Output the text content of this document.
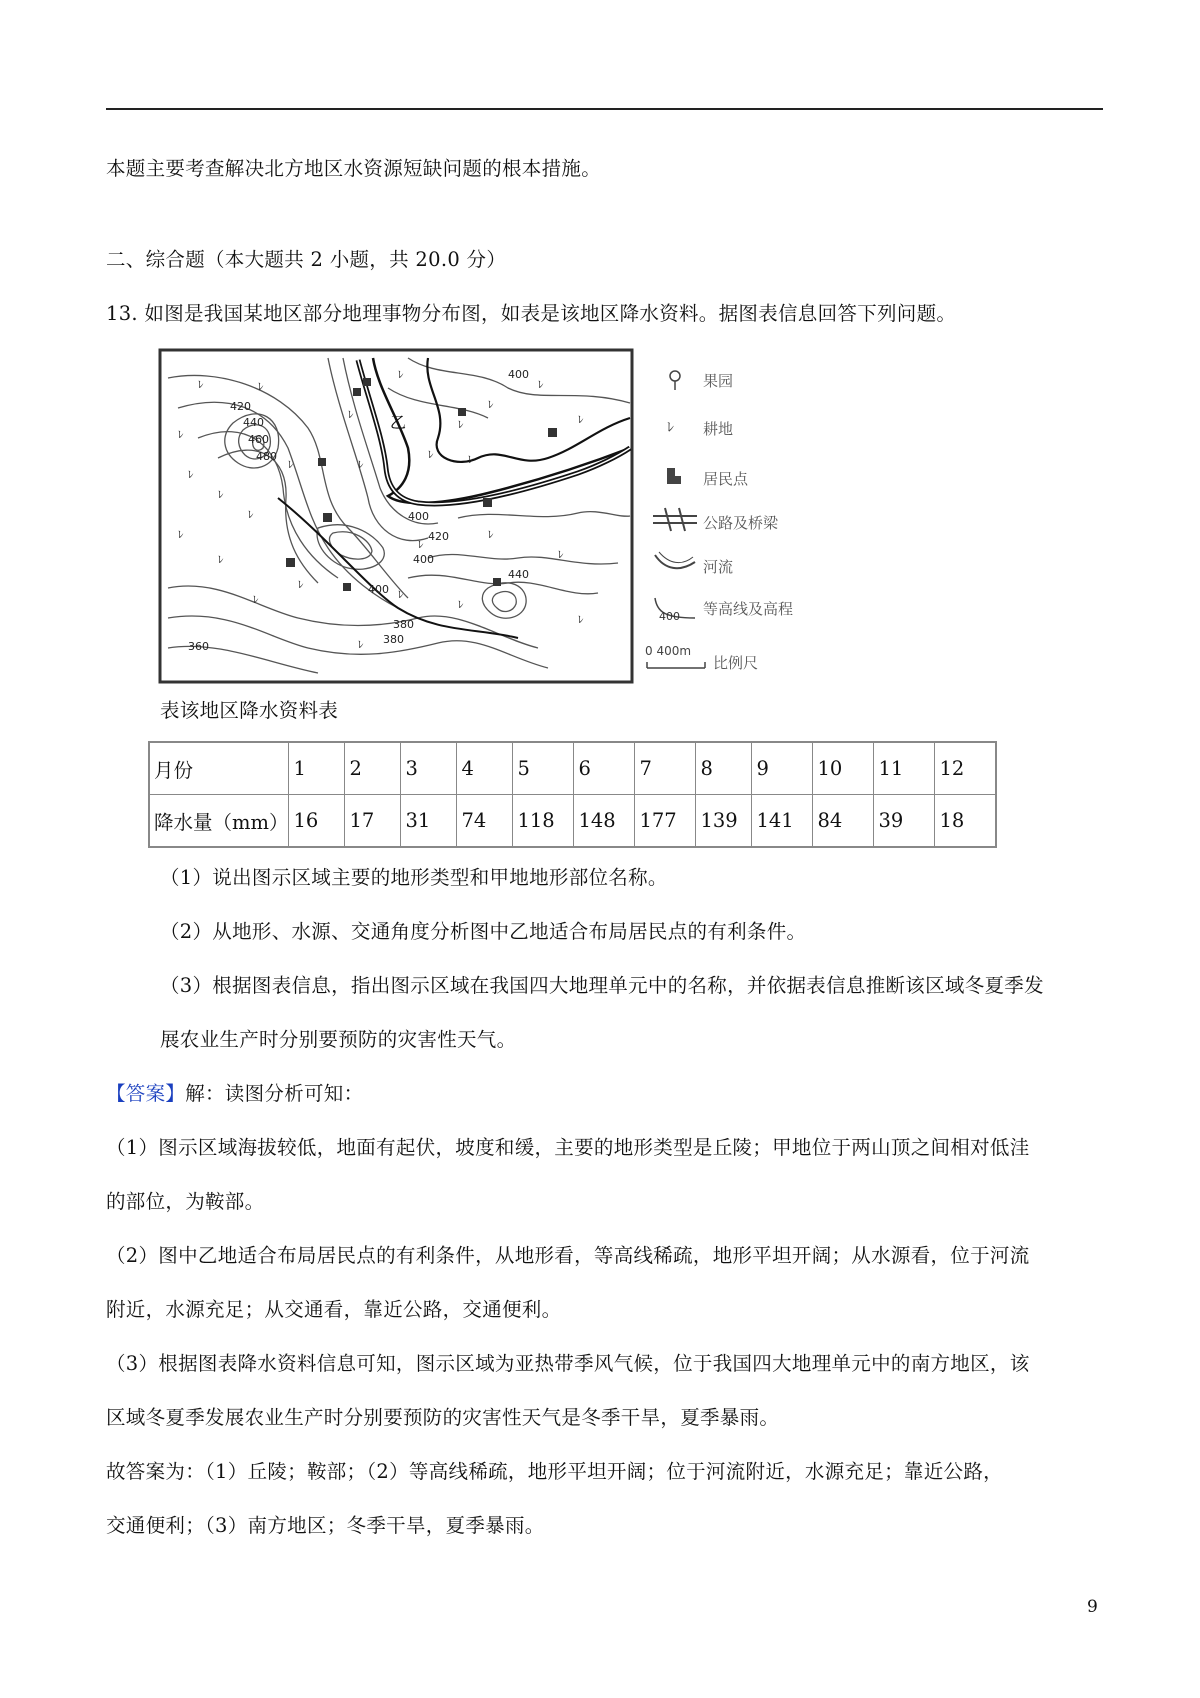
本题主要考查解决北方地区水资源短缺问题的根本措施。
二、综合题（本大题共 2 小题，共 20.0 分）
13. 如图是我国某地区部分地理事物分布图，如表是该地区降水资料。据图表信息回答下列问题。
ﾚ	ﾚ
ﾚ
ﾚ
ﾚ
ﾚ
ﾚ
ﾚ
ﾚ
ﾚ
ﾚ
ﾚ
ﾚ
ﾚ
ﾚ
ﾚ
ﾚ	ﾚ
ﾚ
ﾚ
ﾚ
ﾚ
ﾚ
ﾚ
ﾚ
ﾚ
ﾚ
420
440
460
480
400
420
400
400
440
380
360
380
400
乙
果园
ﾚ 耕地
居民点
公路及桥梁
河流
400 等高线及高程
0 400m
比例尺
表该地区降水资料表
月份	1	2	3	4	5	6	7	8	9	10	11	12
降水量（mm）	16	17	31	74	118	148	177	139	141	84	39	18
（1）说出图示区域主要的地形类型和甲地地形部位名称。
（2）从地形、水源、交通角度分析图中乙地适合布局居民点的有利条件。
（3）根据图表信息，指出图示区域在我国四大地理单元中的名称，并依据表信息推断该区域冬夏季发
展农业生产时分别要预防的灾害性天气。
【答案】解：读图分析可知：
（1）图示区域海拔较低，地面有起伏，坡度和缓，主要的地形类型是丘陵；甲地位于两山顶之间相对低洼
的部位，为鞍部。
（2）图中乙地适合布局居民点的有利条件，从地形看，等高线稀疏，地形平坦开阔；从水源看，位于河流
附近，水源充足；从交通看，靠近公路，交通便利。
（3）根据图表降水资料信息可知，图示区域为亚热带季风气候，位于我国四大地理单元中的南方地区，该
区域冬夏季发展农业生产时分别要预防的灾害性天气是冬季干旱，夏季暴雨。
故答案为：（1）丘陵；鞍部；（2）等高线稀疏，地形平坦开阔；位于河流附近，水源充足；靠近公路，
交通便利；（3）南方地区；冬季干旱，夏季暴雨。
9
